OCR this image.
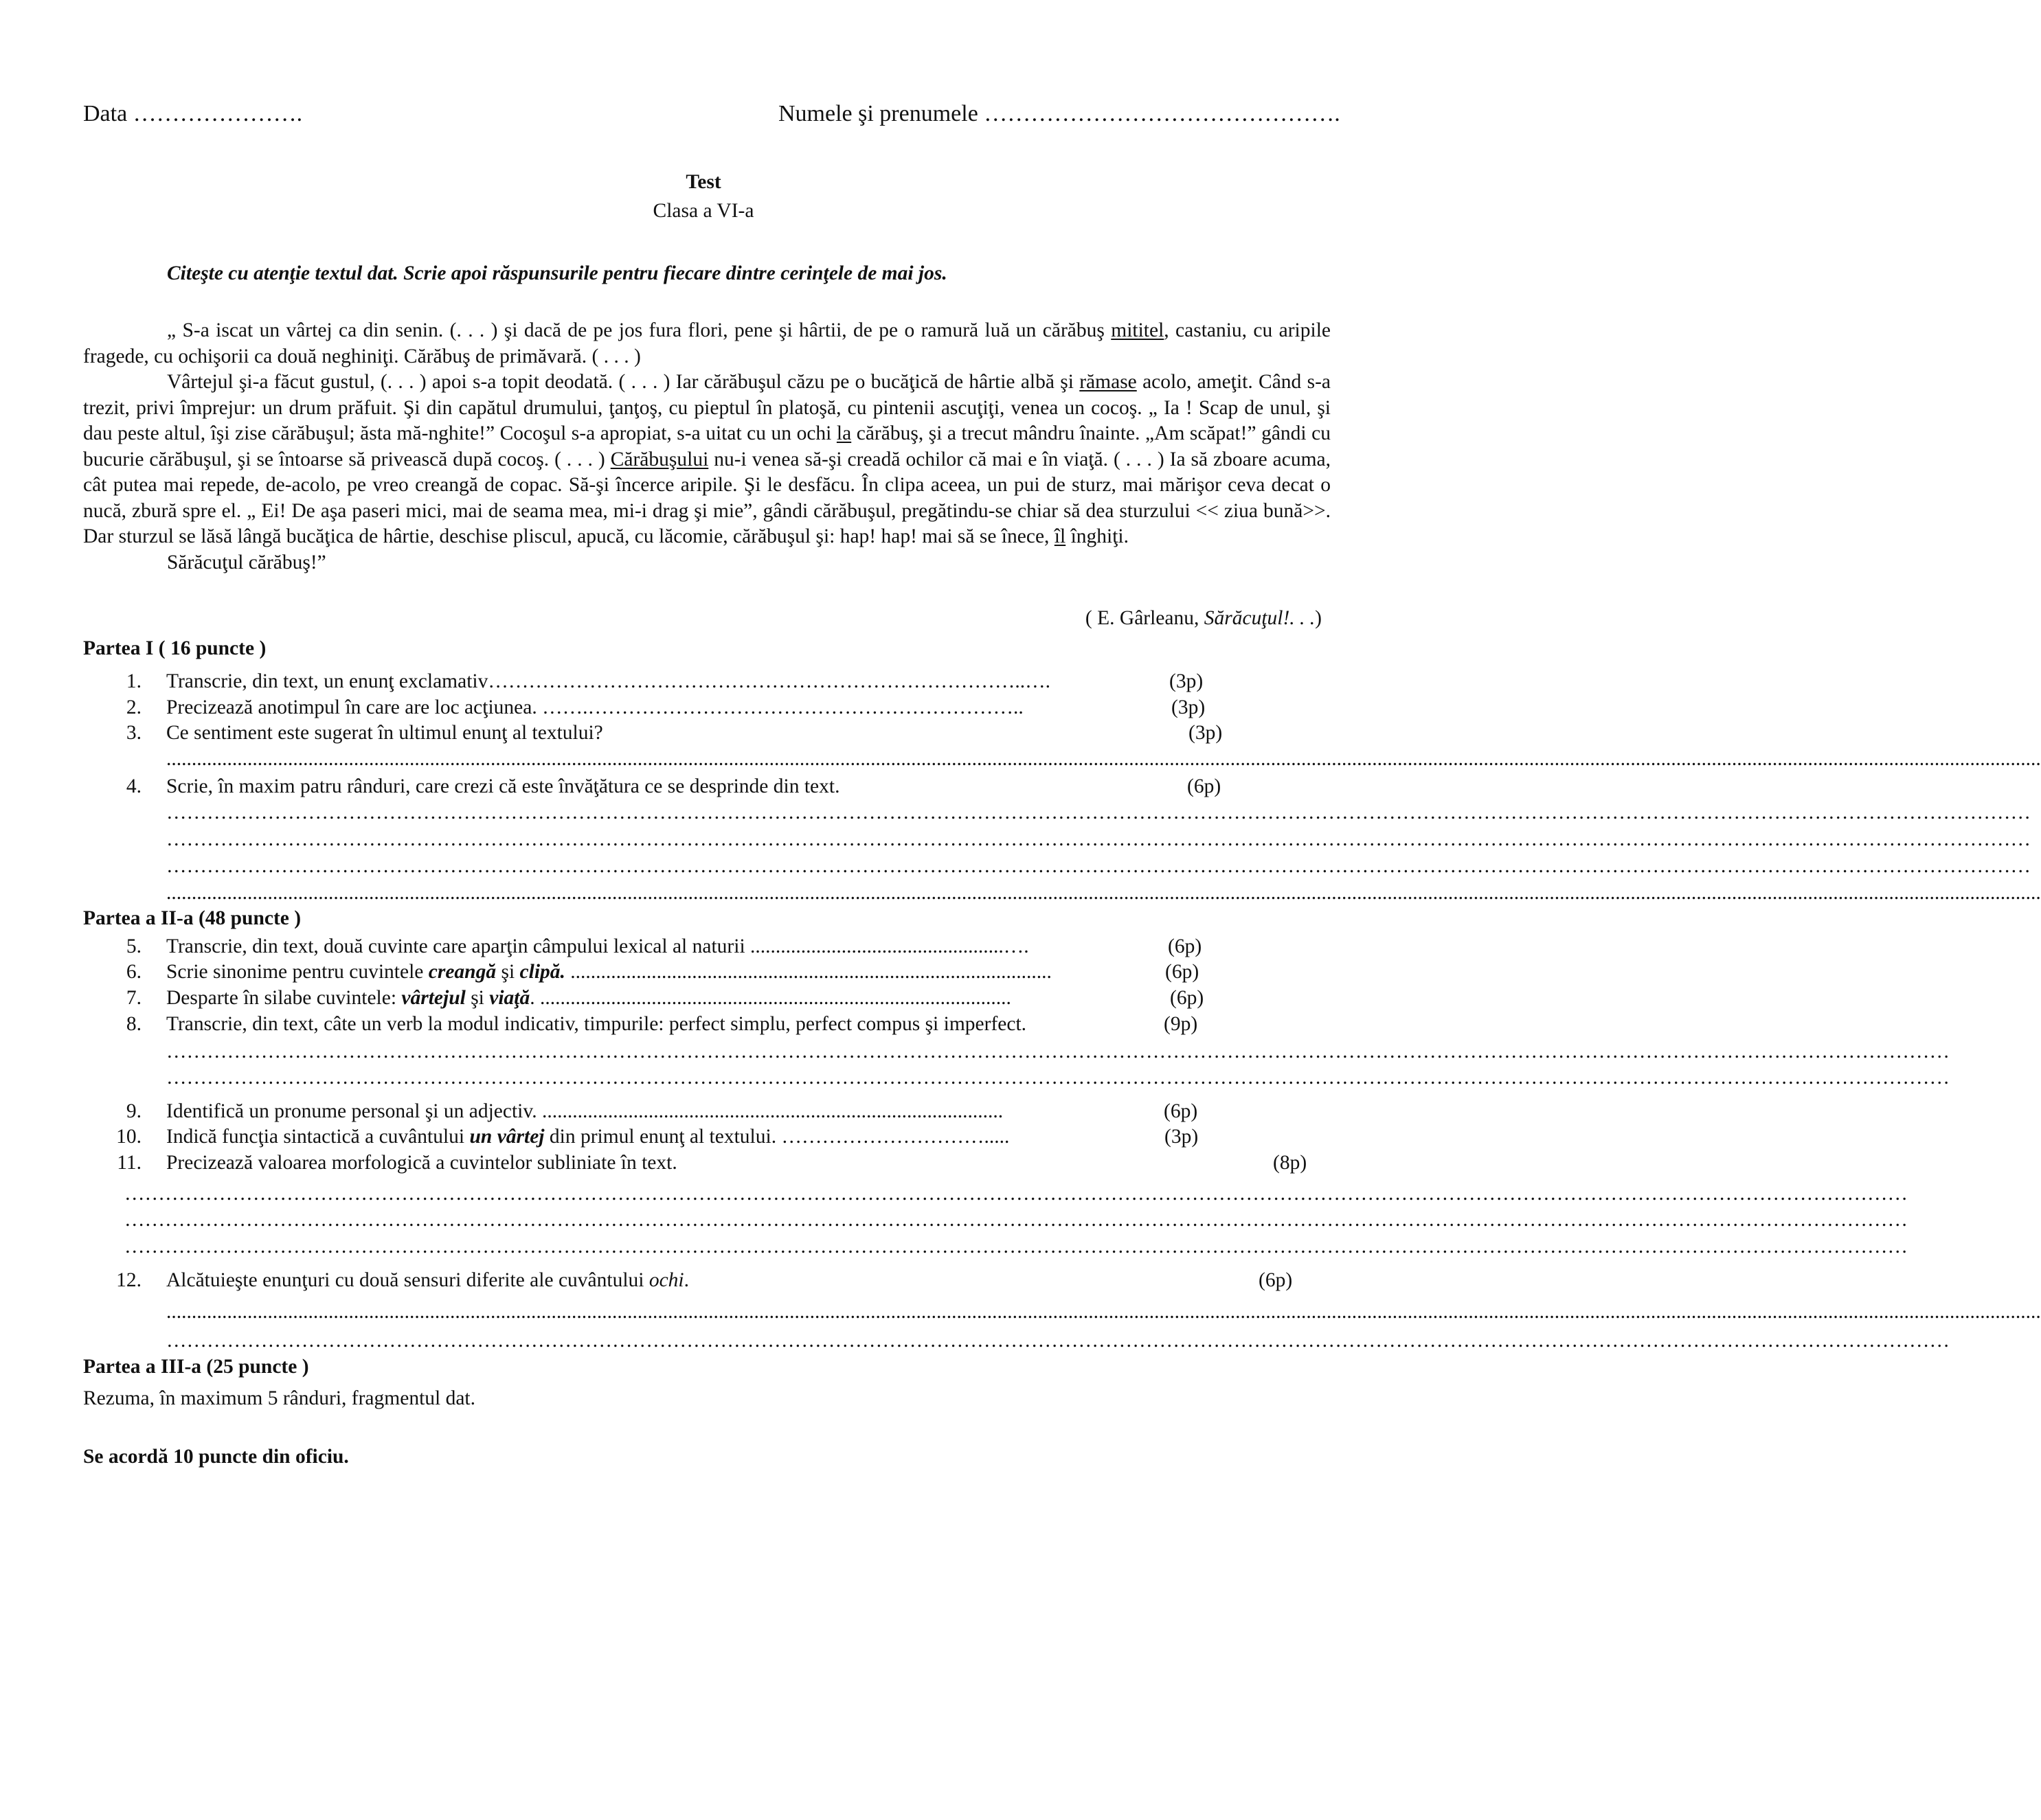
Data ………………….	Numele şi prenumele ……………………………………….
Test
Clasa a VI-a
Citeşte cu atenţie textul dat. Scrie apoi răspunsurile pentru fiecare dintre cerinţele de mai jos.

„ S-a iscat un vârtej ca din senin. (. . . ) şi dacă de pe jos fura flori, pene şi hârtii, de pe o ramură luă un cărăbuş mititel, castaniu, cu aripile fragede, cu ochişorii ca două neghiniţi. Cărăbuş de primăvară. ( . . . )

Vârtejul şi-a făcut gustul, (. . . ) apoi s-a topit deodată. ( . . . ) Iar cărăbuşul căzu pe o bucăţică de hârtie albă şi rămase acolo, ameţit. Când s-a trezit, privi împrejur: un drum prăfuit. Şi din capătul drumului, ţanţoş, cu pieptul în platoşă, cu pintenii ascuţiţi, venea un cocoş. „ Ia ! Scap de unul, şi dau peste altul, îşi zise cărăbuşul; ăsta mă-nghite!” Cocoşul s-a apropiat, s-a uitat cu un ochi la cărăbuş, şi a trecut mândru înainte. „Am scăpat!” gândi cu bucurie cărăbuşul, şi se întoarse să privească după cocoş. ( . . . ) Cărăbuşului nu-i venea să-şi creadă ochilor că mai e în viaţă. ( . . . ) Ia să zboare acuma, cât putea mai repede, de-acolo, pe vreo creangă de copac. Să-şi încerce aripile. Şi le desfăcu. În clipa aceea, un pui de sturz, mai mărişor ceva decat o nucă, zbură spre el. „ Ei! De aşa paseri mici, mai de seama mea, mi-i drag şi mie”, gândi cărăbuşul, pregătindu-se chiar să dea sturzului << ziua bună>>. Dar sturzul se lăsă lângă bucăţica de hârtie, deschise pliscul, apucă, cu lăcomie, cărăbuşul şi: hap! hap! mai să se înece, îl înghiţi.

Sărăcuţul cărăbuş!”

( E. Gârleanu, Sărăcuţul!. . .)
Partea I ( 16 puncte )
1. Transcrie, din text, un enunţ exclamativ……………………………………………………………………..….	(3p)
2. Precizează anotimpul în care are loc acţiunea. …….………………………………………………………..	(3p)
3. Ce sentiment este sugerat în ultimul enunţ al textului?	(3p)
..................................................................................................................................................................................................................................................................................................................................................................................
4. Scrie, în maxim patru rânduri, care crezi că este învăţătura ce se desprinde din text.	(6p)
……………………………………………………………………………………………………………………………………………………………………………………………………………………………………………………
……………………………………………………………………………………………………………………………………………………………………………………………………………………………………………………
……………………………………………………………………………………………………………………………………………………………………………………………………………………………………………………
..................................................................................................................................................................................................................................................................................................................................................................................
Partea a II-a (48 puncte )
5. Transcrie, din text, două cuvinte care aparţin câmpului lexical al naturii ..................................................….	(6p)
6. Scrie sinonime pentru cuvintele creangă şi clipă. ...............................................................................................	(6p)
7. Desparte în silabe cuvintele: vârtejul şi viaţă. .............................................................................................	(6p)
8. Transcrie, din text, câte un verb la modul indicativ, timpurile: perfect simplu, perfect compus şi imperfect.	(9p)
…………………………………………………………………………………………………………………………………………………………………………………………………………………………………………
…………………………………………………………………………………………………………………………………………………………………………………………………………………………………………
9. Identifică un pronume personal şi un adjectiv. ...........................................................................................	(6p)
10. Indică funcţia sintactică a cuvântului un vârtej din primul enunţ al textului. ………………………….....	(3p)
11. Precizează valoarea morfologică a cuvintelor subliniate în text.	(8p)
…………………………………………………………………………………………………………………………………………………………………………………………………………………………………………
…………………………………………………………………………………………………………………………………………………………………………………………………………………………………………
…………………………………………………………………………………………………………………………………………………………………………………………………………………………………………
12. Alcătuieşte enunţuri cu două sensuri diferite ale cuvântului ochi.	(6p)
..................................................................................................................................................................................................................................................................................................................................................................................
…………………………………………………………………………………………………………………………………………………………………………………………………………………………………………
Partea a III-a (25 puncte )
Rezuma, în maximum 5 rânduri, fragmentul dat.
Se acordă 10 puncte din oficiu.
